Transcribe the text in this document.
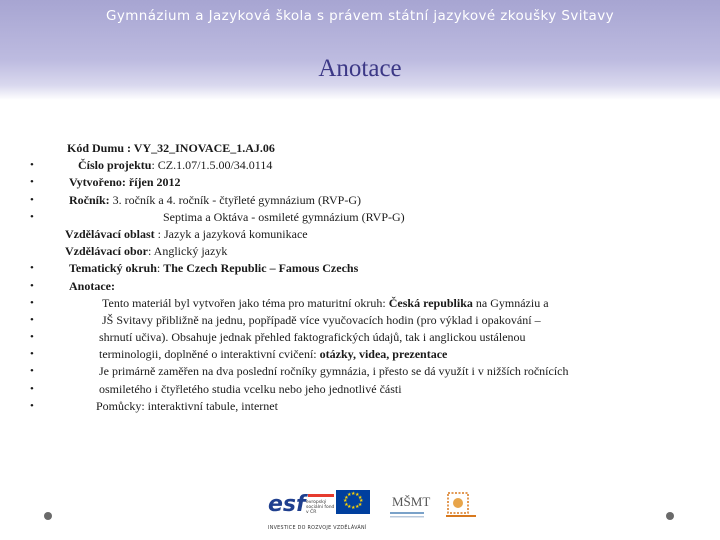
Gymnázium a Jazyková škola s právem státní jazykové zkoušky Svitavy
Anotace
Kód Dumu : VY_32_INOVACE_1.AJ.06
•	Číslo projektu: CZ.1.07/1.5.00/34.0114
•	Vytvořeno: říjen 2012
•	Ročník: 3. ročník a 4. ročník - čtyřleté gymnázium (RVP-G)
•	Septima a Oktáva - osmileté gymnázium (RVP-G)
Vzdělávací oblast : Jazyk a jazyková komunikace
Vzdělávací obor: Anglický jazyk
•	Tematický okruh: The Czech Republic – Famous Czechs
•	Anotace:
•	Tento materiál byl vytvořen jako téma pro maturitní okruh: Česká republika na Gymnáziu a
•	JŠ Svitavy přibližně na jednu, popřípadě více vyučovacích hodin (pro výklad i opakování –
•	shrnutí učiva). Obsahuje jednak přehled faktografických údajů, tak i anglickou ustálenou
•	terminologii, doplněné o interaktivní cvičení: otázky, videa, prezentace
•	Je primárně zaměřen na dva poslední ročníky gymnázia, i přesto se dá využít i v nižších ročnících
•	osmiletého i čtyřletého studia vcelku nebo jeho jednotlivé části
•	Pomůcky: interaktivní tabule, internet
esf evropský sociální fond v ČR
★
★
★
★
★
★
★
★
★ ★ ★
★ MŠMT
INVESTICE DO ROZVOJE VZDĚLÁVÁNÍ
